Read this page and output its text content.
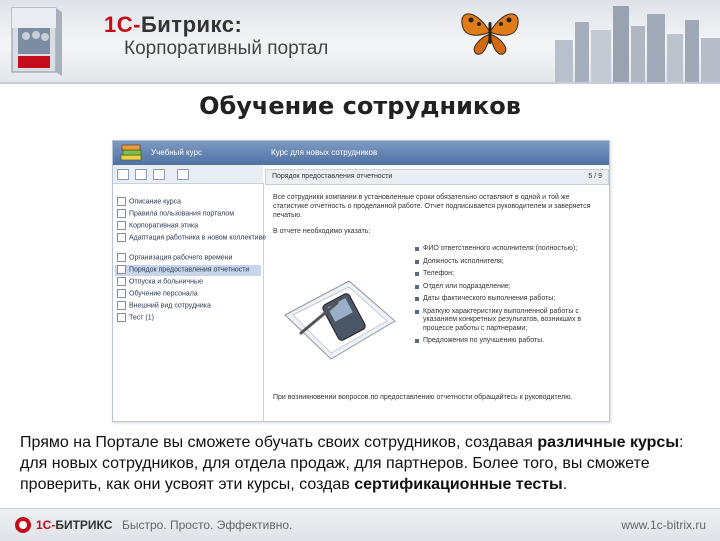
1С-Битрикс:
Корпоративный портал
Обучение сотрудников
Учебный курс	Курс для новых сотрудников
Описание курса
Правила пользования порталом
Корпоративная этика
Адаптация работника в новом коллективе
Организация рабочего времени
Порядок предоставления отчетности
Отпуска и больничные
Обучение персонала
Внешний вид сотрудника
Тест (1)
Порядок предоставления отчетности	5 / 9
Все сотрудники компании в установленные сроки обязательно оставляют в одной и той же статистике отчетность о проделанной работе. Отчет подписывается руководителем и заверяется печатью.
В отчете необходимо указать:
ФИО ответственного исполнителя (полностью);
Должность исполнителя;
Телефон;
Отдел или подразделение;
Даты фактического выполнения работы;
Краткую характеристику выполненной работы с указанием конкретных результатов, возникших в процессе работы с партнерами;
Предложения по улучшению работы.
При возникновении вопросов по предоставлению отчетности обращайтесь к руководителю.
Прямо на Портале вы сможете обучать своих сотрудников, создавая различные курсы:
для новых сотрудников, для отдела продаж, для партнеров. Более того, вы сможете
проверить, как они усвоят эти курсы, создав сертификационные тесты.
1С-БИТРИКС Быстро. Просто. Эффективно.	www.1c-bitrix.ru
